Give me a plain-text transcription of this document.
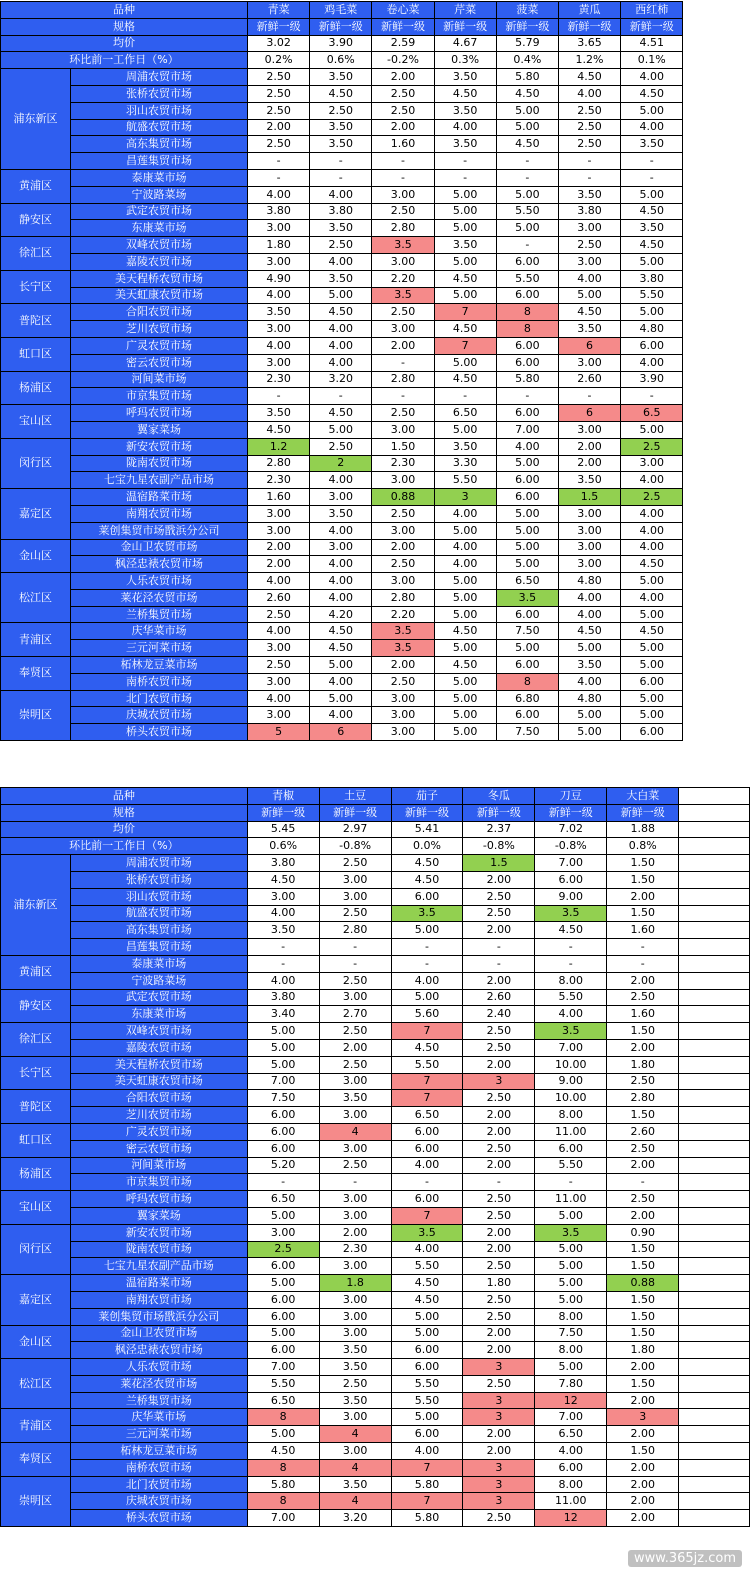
品种		青菜	鸡毛菜	卷心菜	芹菜	菠菜	黄瓜	西红柿
规格		新鲜一级	新鲜一级	新鲜一级	新鲜一级	新鲜一级	新鲜一级	新鲜一级
均价		3.02	3.90	2.59	4.67	5.79	3.65	4.51
环比前一工作日（%）		0.2%	0.6%	-0.2%	0.3%	0.4%	1.2%	0.1%
浦东新区	周浦农贸市场	2.50	3.50	2.00	3.50	5.80	4.50	4.00
	张桥农贸市场	2.50	4.50	2.50	4.50	4.50	4.00	4.50
	羽山农贸市场	2.50	2.50	2.50	3.50	5.00	2.50	5.00
	航盛农贸市场	2.00	3.50	2.00	4.00	5.00	2.50	4.00
	高东集贸市场	2.50	3.50	1.60	3.50	4.50	2.50	3.50
	昌莲集贸市场	-	-	-	-	-	-	-
黄浦区	泰康菜市场	-	-	-	-	-	-	-
	宁波路菜场	4.00	4.00	3.00	5.00	5.00	3.50	5.00
静安区	武定农贸市场	3.80	3.80	2.50	5.00	5.50	3.80	4.50
	东康菜市场	3.00	3.50	2.80	5.00	5.00	3.00	3.50
徐汇区	双峰农贸市场	1.80	2.50	3.5	3.50	-	2.50	4.50
	嘉陵农贸市场	3.00	4.00	3.00	5.00	6.00	3.00	5.00
长宁区	美天程桥农贸市场	4.90	3.50	2.20	4.50	5.50	4.00	3.80
	美天虹康农贸市场	4.00	5.00	3.5	5.00	6.00	5.00	5.50
普陀区	合阳农贸市场	3.50	4.50	2.50	7	8	4.50	5.00
	芝川农贸市场	3.00	4.00	3.00	4.50	8	3.50	4.80
虹口区	广灵农贸市场	4.00	4.00	2.00	7	6.00	6	6.00
	密云农贸市场	3.00	4.00	-	5.00	6.00	3.00	4.00
杨浦区	河间菜市场	2.30	3.20	2.80	4.50	5.80	2.60	3.90
	市京集贸市场	-	-	-	-	-	-	-
宝山区	呼玛农贸市场	3.50	4.50	2.50	6.50	6.00	6	6.5
	翼家菜场	4.50	5.00	3.00	5.00	7.00	3.00	5.00
闵行区	新安农贸市场	1.2	2.50	1.50	3.50	4.00	2.00	2.5
	陇南农贸市场	2.80	2	2.30	3.30	5.00	2.00	3.00
	七宝九星农副产品市场	2.30	4.00	3.00	5.50	6.00	3.50	4.00
嘉定区	温宿路菜市场	1.60	3.00	0.88	3	6.00	1.5	2.5
	南翔农贸市场	3.00	3.50	2.50	4.00	5.00	3.00	4.00
	莱创集贸市场戬浜分公司	3.00	4.00	3.00	5.00	5.00	3.00	4.00
金山区	金山卫农贸市场	2.00	3.00	2.00	4.00	5.00	3.00	4.00
	枫泾忠裱农贸市场	2.00	4.00	2.50	4.00	5.00	3.00	4.50
松江区	人乐农贸市场	4.00	4.00	3.00	5.00	6.50	4.80	5.00
	莱花泾农贸市场	2.60	4.00	2.80	5.00	3.5	4.00	4.00
	兰桥集贸市场	2.50	4.20	2.20	5.00	6.00	4.00	5.00
青浦区	庆华菜市场	4.00	4.50	3.5	4.50	7.50	4.50	4.50
	三元河菜市场	3.00	4.50	3.5	5.00	5.00	5.00	5.00
奉贤区	柘林龙豆菜市场	2.50	5.00	2.00	4.50	6.00	3.50	5.00
	南桥农贸市场	3.00	4.00	2.50	5.00	8	4.00	6.00
崇明区	北门农贸市场	4.00	5.00	3.00	5.00	6.80	4.80	5.00
	庆城农贸市场	3.00	4.00	3.00	5.00	6.00	5.00	5.00
	桥头农贸市场	5	6	3.00	5.00	7.50	5.00	6.00
品种		青椒	土豆	茄子	冬瓜	刀豆	大白菜	
规格		新鲜一级	新鲜一级	新鲜一级	新鲜一级	新鲜一级	新鲜一级	
均价		5.45	2.97	5.41	2.37	7.02	1.88	
环比前一工作日（%）		0.6%	-0.8%	0.0%	-0.8%	-0.8%	0.8%	
浦东新区	周浦农贸市场	3.80	2.50	4.50	1.5	7.00	1.50	
	张桥农贸市场	4.50	3.00	4.50	2.00	6.00	1.50	
	羽山农贸市场	3.00	3.00	6.00	2.50	9.00	2.00	
	航盛农贸市场	4.00	2.50	3.5	2.50	3.5	1.50	
	高东集贸市场	3.50	2.80	5.00	2.00	4.50	1.60	
	昌莲集贸市场	-	-	-	-	-	-	
黄浦区	泰康菜市场	-	-	-	-	-	-	
	宁波路菜场	4.00	2.50	4.00	2.00	8.00	2.00	
静安区	武定农贸市场	3.80	3.00	5.00	2.60	5.50	2.50	
	东康菜市场	3.40	2.70	5.60	2.40	4.00	1.60	
徐汇区	双峰农贸市场	5.00	2.50	7	2.50	3.5	1.50	
	嘉陵农贸市场	5.00	2.00	4.50	2.50	7.00	2.00	
长宁区	美天程桥农贸市场	5.00	2.50	5.50	2.00	10.00	1.80	
	美天虹康农贸市场	7.00	3.00	7	3	9.00	2.50	
普陀区	合阳农贸市场	7.50	3.50	7	2.50	10.00	2.80	
	芝川农贸市场	6.00	3.00	6.50	2.00	8.00	1.50	
虹口区	广灵农贸市场	6.00	4	6.00	2.00	11.00	2.60	
	密云农贸市场	6.00	3.00	6.00	2.50	6.00	2.50	
杨浦区	河间菜市场	5.20	2.50	4.00	2.00	5.50	2.00	
	市京集贸市场	-	-	-	-	-	-	
宝山区	呼玛农贸市场	6.50	3.00	6.00	2.50	11.00	2.50	
	翼家菜场	5.00	3.00	7	2.50	5.00	2.00	
闵行区	新安农贸市场	3.00	2.00	3.5	2.00	3.5	0.90	
	陇南农贸市场	2.5	2.30	4.00	2.00	5.00	1.50	
	七宝九星农副产品市场	6.00	3.00	5.50	2.50	5.00	1.50	
嘉定区	温宿路菜市场	5.00	1.8	4.50	1.80	5.00	0.88	
	南翔农贸市场	6.00	3.00	4.50	2.50	5.00	1.50	
	莱创集贸市场戬浜分公司	6.00	3.00	5.00	2.50	8.00	1.50	
金山区	金山卫农贸市场	5.00	3.00	5.00	2.00	7.50	1.50	
	枫泾忠裱农贸市场	6.00	3.50	6.00	2.00	8.00	1.80	
松江区	人乐农贸市场	7.00	3.50	6.00	3	5.00	2.00	
	莱花泾农贸市场	5.50	2.50	5.50	2.50	7.80	1.50	
	兰桥集贸市场	6.50	3.50	5.50	3	12	2.00	
青浦区	庆华菜市场	8	3.00	5.00	3	7.00	3	
	三元河菜市场	5.00	4	6.00	2.00	6.50	2.00	
奉贤区	柘林龙豆菜市场	4.50	3.00	4.00	2.00	4.00	1.50	
	南桥农贸市场	8	4	7	3	6.00	2.00	
崇明区	北门农贸市场	5.80	3.50	5.80	3	8.00	2.00	
	庆城农贸市场	8	4	7	3	11.00	2.00	
	桥头农贸市场	7.00	3.20	5.80	2.50	12	2.00	
www.365jz.com
